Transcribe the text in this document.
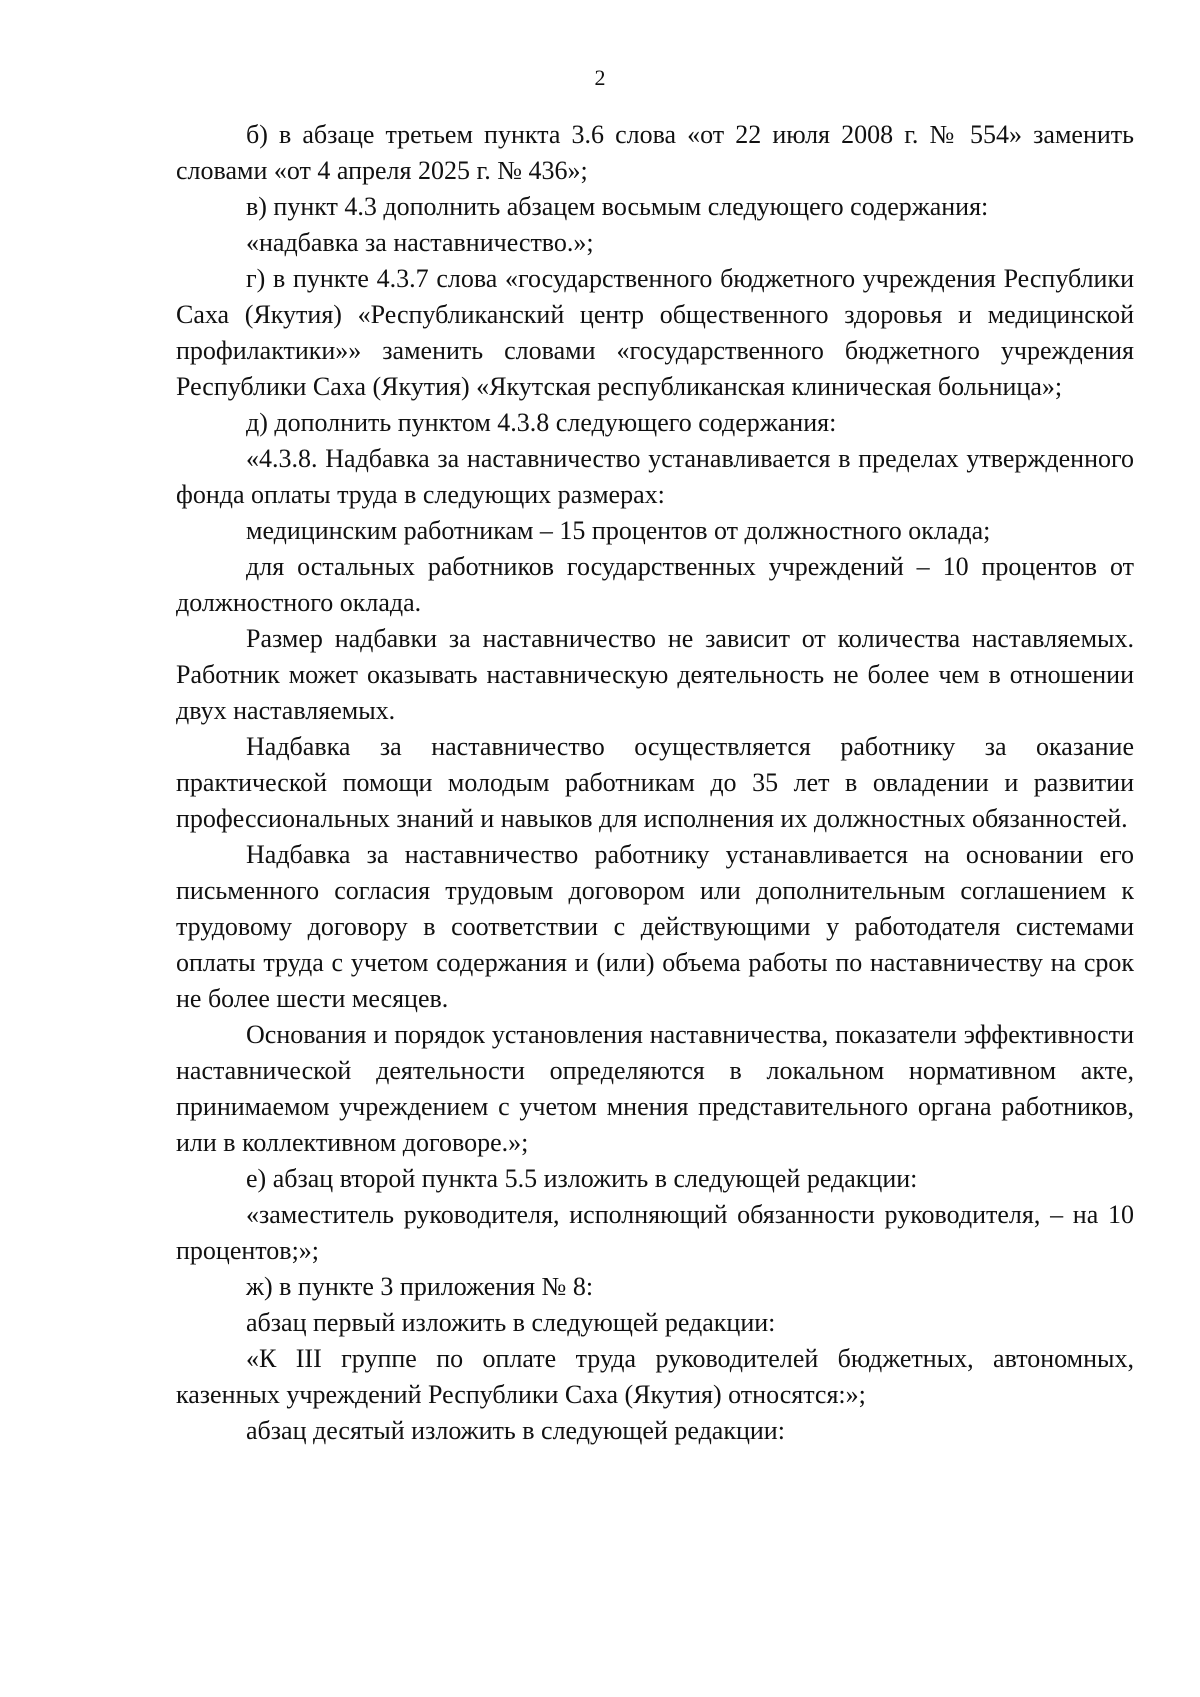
2

б) в абзаце третьем пункта 3.6 слова «от 22 июля 2008 г. № 554» заменить словами «от 4 апреля 2025 г. № 436»;

в) пункт 4.3 дополнить абзацем восьмым следующего содержания:

«надбавка за наставничество.»;

г) в пункте 4.3.7 слова «государственного бюджетного учреждения Республики Саха (Якутия) «Республиканский центр общественного здоровья и медицинской профилактики»» заменить словами «государственного бюджетного учреждения Республики Саха (Якутия) «Якутская республиканская клиническая больница»;

д) дополнить пунктом 4.3.8 следующего содержания:

«4.3.8. Надбавка за наставничество устанавливается в пределах утвержденного фонда оплаты труда в следующих размерах:

медицинским работникам – 15 процентов от должностного оклада;

для остальных работников государственных учреждений – 10 процентов от должностного оклада.

Размер надбавки за наставничество не зависит от количества наставляемых. Работник может оказывать наставническую деятельность не более чем в отношении двух наставляемых.

Надбавка за наставничество осуществляется работнику за оказание практической помощи молодым работникам до 35 лет в овладении и развитии профессиональных знаний и навыков для исполнения их должностных обязанностей.

Надбавка за наставничество работнику устанавливается на основании его письменного согласия трудовым договором или дополнительным соглашением к трудовому договору в соответствии с действующими у работодателя системами оплаты труда с учетом содержания и (или) объема работы по наставничеству на срок не более шести месяцев.

Основания и порядок установления наставничества, показатели эффективности наставнической деятельности определяются в локальном нормативном акте, принимаемом учреждением с учетом мнения представительного органа работников, или в коллективном договоре.»;

е) абзац второй пункта 5.5 изложить в следующей редакции:

«заместитель руководителя, исполняющий обязанности руководителя, – на 10 процентов;»;

ж) в пункте 3 приложения № 8:

абзац первый изложить в следующей редакции:

«К III группе по оплате труда руководителей бюджетных, автономных, казенных учреждений Республики Саха (Якутия) относятся:»;

абзац десятый изложить в следующей редакции:
